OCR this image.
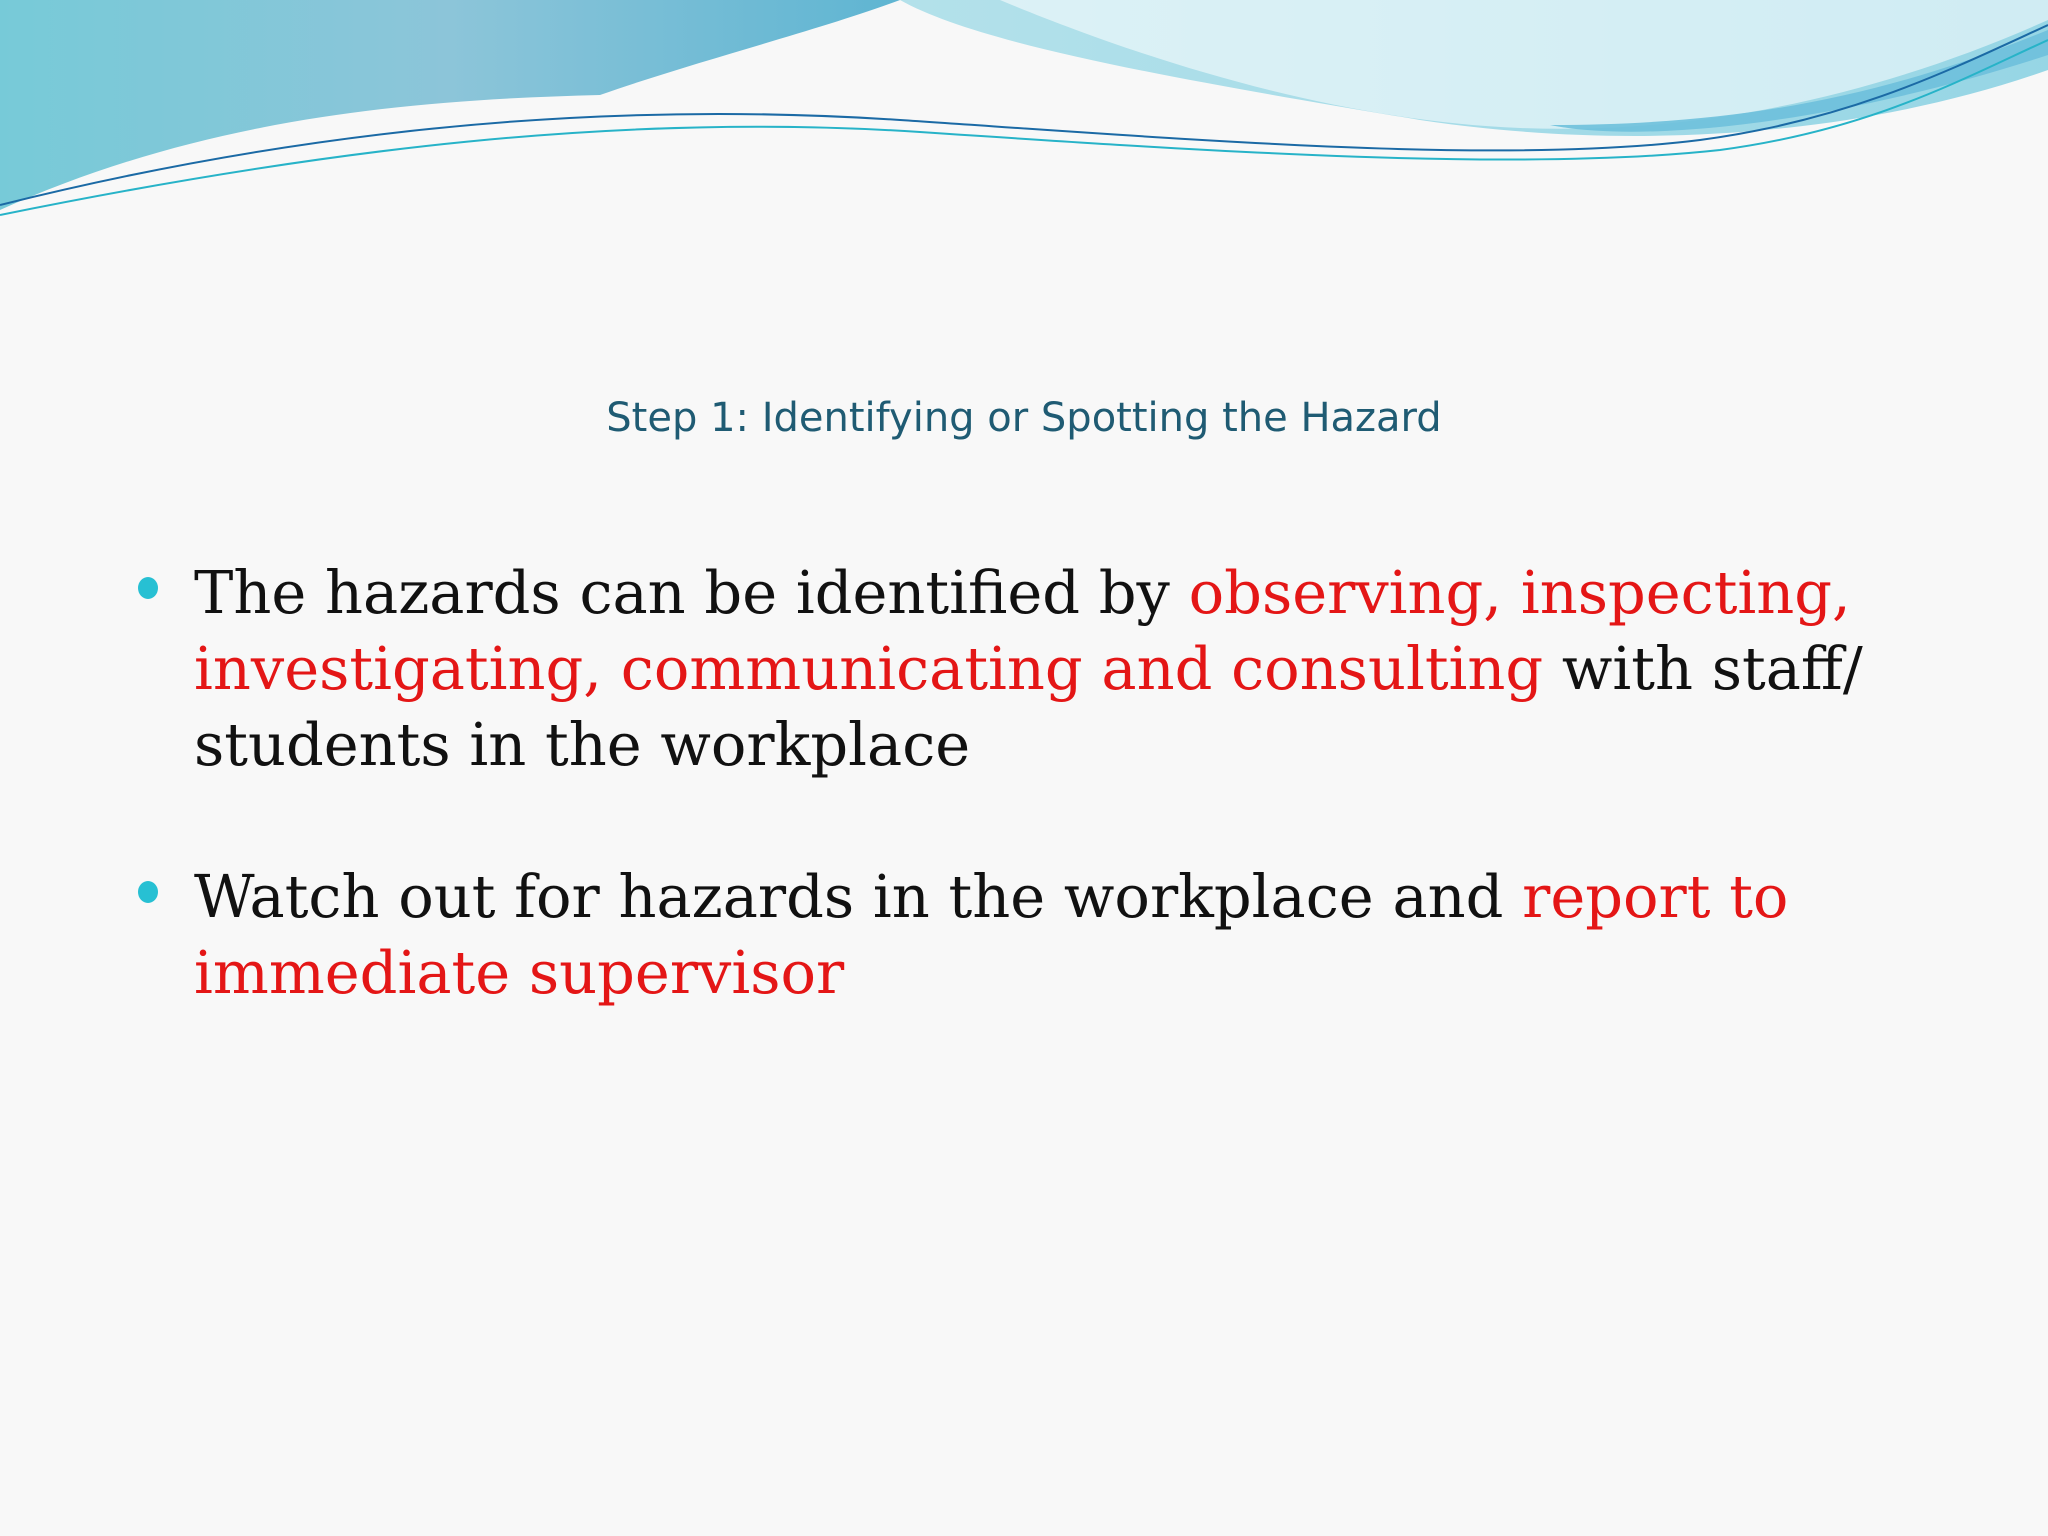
Step 1: Identifying or Spotting the Hazard
The hazards can be identified by observing, inspecting, investigating, communicating and consulting with staff/ students in the workplace
Watch out for hazards in the workplace and report to immediate supervisor
